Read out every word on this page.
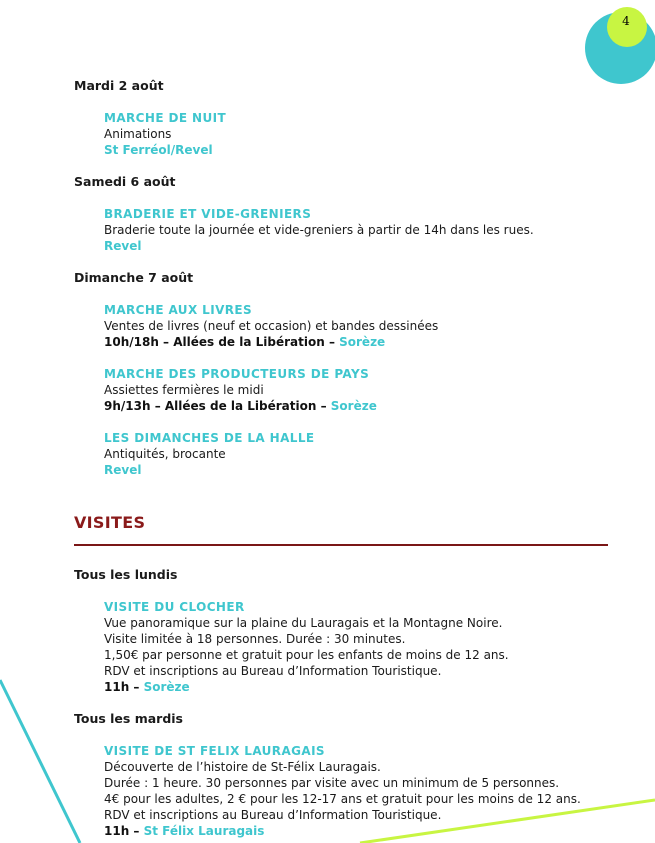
4
Mardi 2 août
MARCHE DE NUIT
Animations
St Ferréol/Revel
Samedi 6 août
BRADERIE ET VIDE-GRENIERS
Braderie toute la journée et vide-greniers à partir de 14h dans les rues.
Revel
Dimanche 7 août
MARCHE AUX LIVRES
Ventes de livres (neuf et occasion) et bandes dessinées
10h/18h – Allées de la Libération – Sorèze
MARCHE DES PRODUCTEURS DE PAYS
Assiettes fermières le midi
9h/13h – Allées de la Libération – Sorèze
LES DIMANCHES DE LA HALLE
Antiquités, brocante
Revel
VISITES
Tous les lundis
VISITE DU CLOCHER
Vue panoramique sur la plaine du Lauragais et la Montagne Noire.
Visite limitée à 18 personnes. Durée : 30 minutes.
1,50€ par personne et gratuit pour les enfants de moins de 12 ans.
RDV et inscriptions au Bureau d’Information Touristique.
11h – Sorèze
Tous les mardis
VISITE DE ST FELIX LAURAGAIS
Découverte de l’histoire de St-Félix Lauragais.
Durée : 1 heure. 30 personnes par visite avec un minimum de 5 personnes.
4€ pour les adultes, 2 € pour les 12-17 ans et gratuit pour les moins de 12 ans.
RDV et inscriptions au Bureau d’Information Touristique.
11h – St Félix Lauragais
